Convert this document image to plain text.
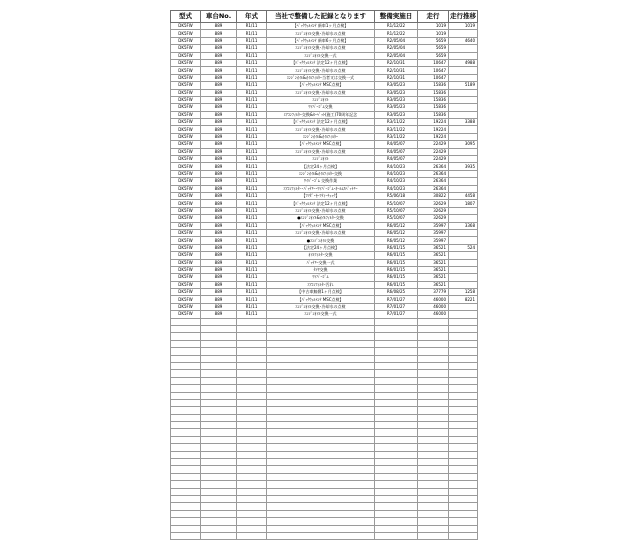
型式	車台No.	年式	当社で整備した記録となります	整備実施日	走行	走行推移
DK5FW	889	R1/11	【ﾍﾟｯｸｳｪﾙﾒﾝﾃ 新車1ヶ月点検】	R1/12/22	1019	1019
DK5FW	889	R1/11	ｴﾝｼﾞﾝｵｲﾙ交換･冷却水の点検	R1/12/22	1019	
DK5FW	889	R1/11	【ﾍﾟｯｸｳｪﾙﾒﾝﾃ 新車6ヶ月点検】	R2/05/04	5659	4640
DK5FW	889	R1/11	ｴﾝｼﾞﾝｵｲﾙ交換･冷却水の点検	R2/05/04	5659	
DK5FW	889	R1/11	ｴﾝｼﾞﾝｵｲﾙ交換一式	R2/05/04	5659	
DK5FW	889	R1/11	【ﾊﾟｯｸｳｪﾙﾒﾝﾃ 法定12ヶ月点検】	R2/10/31	10647	4988
DK5FW	889	R1/11	ｴﾝｼﾞﾝｵｲﾙ交換･冷却水の点検	R2/10/31	10647	
DK5FW	889	R1/11	ｴﾝｼﾞﾝｵｲﾙ&ｵｲﾙﾌｨﾙﾀｰ当者又は交換一式	R2/10/31	10647	
DK5FW	889	R1/11	【ﾊﾟｯｸｳｪﾙﾒﾝﾃ MSC点検】	R3/05/23	15836	5189
DK5FW	889	R1/11	ｴﾝｼﾞﾝｵｲﾙ交換･冷却水の点検	R3/05/23	15836	
DK5FW	889	R1/11	ｴﾝｼﾞﾝｵｲﾙ	R3/05/23	15836	
DK5FW	889	R1/11	ﾜｲﾊﾟｰｺﾞﾑ交換	R3/05/23	15836	
DK5FW	889	R1/11	ｴｱｺﾝﾌｨﾙﾀｰ交換&ｶｰﾍﾟｯﾄ(施工)70周年記念	R3/05/23	15836	
DK5FW	889	R1/11	【ﾊﾟｯｸｳｪﾙﾒﾝﾃ 法定12ヶ月点検】	R3/11/22	19224	3388
DK5FW	889	R1/11	ｴﾝｼﾞﾝｵｲﾙ交換･冷却水の点検	R3/11/22	19224	
DK5FW	889	R1/11	ｴﾝｼﾞﾝｵｲﾙ&ｵｲﾙﾌｨﾙﾀｰ	R3/11/22	19224	
DK5FW	889	R1/11	【ﾊﾟｯｸｳｪﾙﾒﾝﾃ MSC点検】	R4/05/07	22429	3095
DK5FW	889	R1/11	ｴﾝｼﾞﾝｵｲﾙ交換･冷却水の点検	R4/05/07	22429	
DK5FW	889	R1/11	ｴﾝｼﾞﾝｵｲﾙ	R4/05/07	22429	
DK5FW	889	R1/11	【法定24ヶ月点検】	R4/10/23	26364	3935
DK5FW	889	R1/11	ｴﾝｼﾞﾝｵｲﾙ&ｵｲﾙﾌｨﾙﾀｰ交換	R4/10/23	26364	
DK5FW	889	R1/11	ﾜｲﾊﾟｰｺﾞﾑ 交換作業	R4/10/23	26364	
DK5FW	889	R1/11	ｴｱｺﾝﾌｨﾙﾀｰ･ﾊﾞｯﾃﾘｰ･ﾜｲﾊﾟｰｺﾞﾑ･ｷｰﾙﾑｽﾍﾞｯﾄﾘｰ	R4/10/23	26364	
DK5FW	889	R1/11	【ﾏﾂﾀﾞ･ｾｰﾌﾃｨｰﾁｪｯｸ】	R5/06/18	30822	4458
DK5FW	889	R1/11	【ﾊﾟｯｸｳｪﾙﾒﾝﾃ 法定12ヶ月点検】	R5/10/07	32629	1807
DK5FW	889	R1/11	ｴﾝｼﾞﾝｵｲﾙ交換･冷却水の点検	R5/10/07	32629	
DK5FW	889	R1/11	●ｴﾝｼﾞﾝｵｲﾙ&ｵｲﾙﾌｨﾙﾀｰ交換	R5/10/07	32629	
DK5FW	889	R1/11	【ﾊﾟｯｸｳｪﾙﾒﾝﾃ MSC点検】	R6/05/12	35997	3368
DK5FW	889	R1/11	ｴﾝｼﾞﾝｵｲﾙ交換･冷却水の点検	R6/05/12	35997	
DK5FW	889	R1/11	●ｴﾝｼﾞﾝｵｲﾙ交換	R6/05/12	35997	
DK5FW	889	R1/11	【法定24ヶ月点検】	R6/01/15	36521	524
DK5FW	889	R1/11	ｵｲﾙﾌｨﾙﾀｰ交換	R6/01/15	36521	
DK5FW	889	R1/11	ﾊﾞｯﾃﾘｰ交換一式	R6/01/15	36521	
DK5FW	889	R1/11	ﾀｲﾔ交換	R6/01/15	36521	
DK5FW	889	R1/11	ﾜｲﾊﾟｰｺﾞﾑ	R6/01/15	36521	
DK5FW	889	R1/11	ｴｱｺﾝﾌｨﾙﾀｰ汚れ	R6/01/15	36521	
DK5FW	889	R1/11	【中古車無償1ヶ月点検】	R6/08/25	37779	1258
DK5FW	889	R1/11	【ﾊﾟｯｸｳｪﾙﾒﾝﾃ MSC点検】	R7/01/27	46000	8221
DK5FW	889	R1/11	ｴﾝｼﾞﾝｵｲﾙ交換･冷却水の点検	R7/01/27	46000	
DK5FW	889	R1/11	ｴﾝｼﾞﾝｵｲﾙ交換一式	R7/01/27	46000	
